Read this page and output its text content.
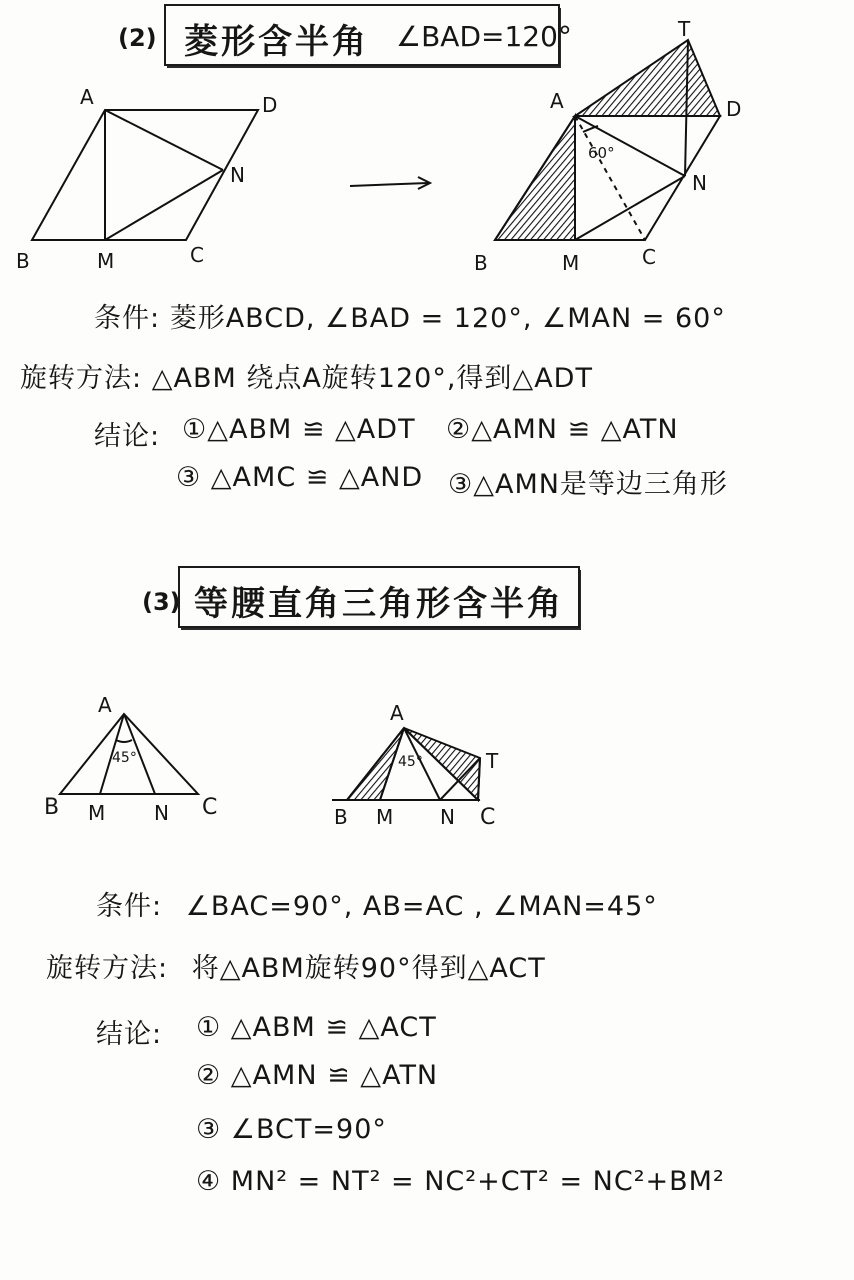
(2) 菱形含半角 ∠BAD=120°
A	D
N
B	M	C
T
A	D
60°
N
B	M	C
条件: 菱形ABCD, ∠BAD = 120°, ∠MAN = 60°
旋转方法: △ABM 绕点A旋转120°,得到△ADT
结论: ①△ABM ≌ △ADT ②△AMN ≌ △ATN
③ △AMC ≌ △AND ③△AMN是等边三角形
(3) 等腰直角三角形含半角
A
45°
B M N C
A
45°	T
B M N C
条件: ∠BAC=90°, AB=AC , ∠MAN=45°
旋转方法: 将△ABM旋转90°得到△ACT
结论: ① △ABM ≌ △ACT
② △AMN ≌ △ATN
③ ∠BCT=90°
④ MN² = NT² = NC²+CT² = NC²+BM²
